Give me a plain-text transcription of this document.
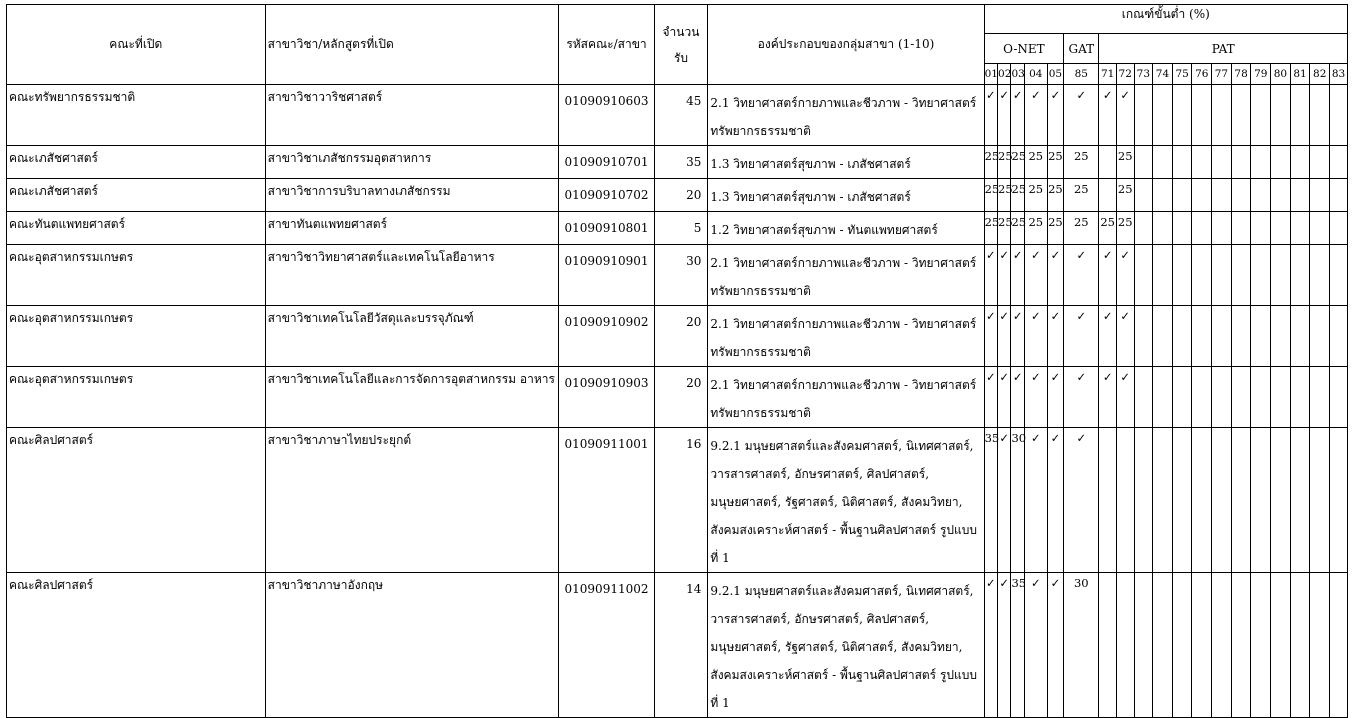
คณะที่เปิด	สาขาวิชา/หลักสูตรที่เปิด	รหัสคณะ/สาขา	จำนวน
รับ	องค์ประกอบของกลุ่มสาขา (1-10)	เกณฑ์ขั้นต่ำ (%)																		
					O-NET					GAT	PAT												
					01	02	03	04	05	85	71	72	73	74	75	76	77	78	79	80	81	82	83

คณะทรัพยากรธรรมชาติ	สาขาวิชาวาริชศาสตร์	01090910603	45	2.1 วิทยาศาสตร์กายภาพและชีวภาพ - วิทยาศาสตร์ ทรัพยากรธรรมชาติ	✓	✓	✓	✓	✓	✓	✓	✓											

คณะเภสัชศาสตร์	สาขาวิชาเภสัชกรรมอุตสาหการ	01090910701	35	1.3 วิทยาศาสตร์สุขภาพ - เภสัชศาสตร์	25	25	25	25	25	25		25											

คณะเภสัชศาสตร์	สาขาวิชาการบริบาลทางเภสัชกรรม	01090910702	20	1.3 วิทยาศาสตร์สุขภาพ - เภสัชศาสตร์	25	25	25	25	25	25		25											

คณะทันตแพทยศาสตร์	สาขาทันตแพทยศาสตร์	01090910801	5	1.2 วิทยาศาสตร์สุขภาพ - ทันตแพทยศาสตร์	25	25	25	25	25	25	25	25											

คณะอุตสาหกรรมเกษตร	สาขาวิชาวิทยาศาสตร์และเทคโนโลยีอาหาร	01090910901	30	2.1 วิทยาศาสตร์กายภาพและชีวภาพ - วิทยาศาสตร์ ทรัพยากรธรรมชาติ	✓	✓	✓	✓	✓	✓	✓	✓											

คณะอุตสาหกรรมเกษตร	สาขาวิชาเทคโนโลยีวัสดุและบรรจุภัณฑ์	01090910902	20	2.1 วิทยาศาสตร์กายภาพและชีวภาพ - วิทยาศาสตร์ ทรัพยากรธรรมชาติ	✓	✓	✓	✓	✓	✓	✓	✓											

คณะอุตสาหกรรมเกษตร	สาขาวิชาเทคโนโลยีและการจัดการอุตสาหกรรม อาหาร	01090910903	20	2.1 วิทยาศาสตร์กายภาพและชีวภาพ - วิทยาศาสตร์ ทรัพยากรธรรมชาติ	✓	✓	✓	✓	✓	✓	✓	✓											

คณะศิลปศาสตร์	สาขาวิชาภาษาไทยประยุกต์	01090911001	16	9.2.1 มนุษยศาสตร์และสังคมศาสตร์, นิเทศศาสตร์, วารสารศาสตร์, อักษรศาสตร์, ศิลปศาสตร์, มนุษยศาสตร์, รัฐศาสตร์, นิติศาสตร์, สังคมวิทยา, สังคมสงเคราะห์ศาสตร์ - พื้นฐานศิลปศาสตร์ รูปแบบที่ 1	35	✓	30	✓	✓	✓													

คณะศิลปศาสตร์	สาขาวิชาภาษาอังกฤษ	01090911002	14	9.2.1 มนุษยศาสตร์และสังคมศาสตร์, นิเทศศาสตร์, วารสารศาสตร์, อักษรศาสตร์, ศิลปศาสตร์, มนุษยศาสตร์, รัฐศาสตร์, นิติศาสตร์, สังคมวิทยา, สังคมสงเคราะห์ศาสตร์ - พื้นฐานศิลปศาสตร์ รูปแบบที่ 1	✓	✓	35	✓	✓	30													
